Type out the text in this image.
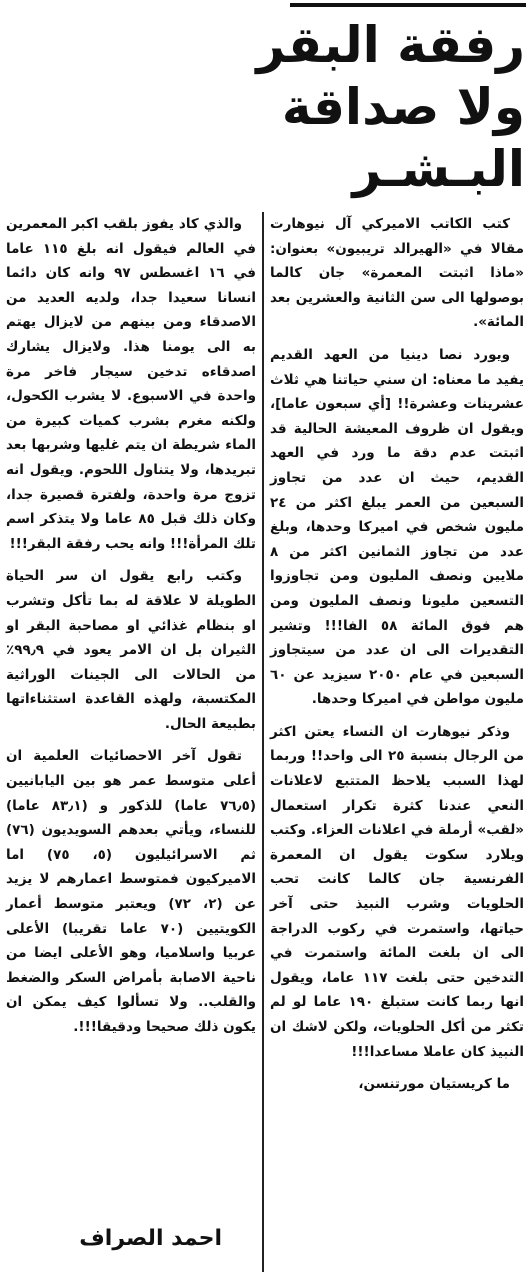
رفقة البقر
ولا صداقة
البـشـر

كتب الكاتب الاميركي آل نيوهارت مقالا في «الهيرالد تريبيون» بعنوان: «ماذا اثبتت المعمرة» جان كالما بوصولها الى سن الثانية والعشرين بعد المائة».

ويورد نصا دينيا من العهد القديم يفيد ما معناه: ان سني حياتنا هي ثلاث عشرينات وعشرة!! [أي سبعون عاما]، ويقول ان ظروف المعيشة الحالية قد اثبتت عدم دقة ما ورد في العهد القديم، حيث ان عدد من تجاوز السبعين من العمر يبلغ اكثر من ٢٤ مليون شخص في اميركا وحدها، وبلغ عدد من تجاوز الثمانين اكثر من ٨ ملايين ونصف المليون ومن تجاوزوا التسعين مليونا ونصف المليون ومن هم فوق المائة ٥٨ الفا!!! وتشير التقديرات الى ان عدد من سيتجاوز السبعين في عام ٢٠٥٠ سيزيد عن ٦٠ مليون مواطن في اميركا وحدها.

وذكر نيوهارت ان النساء يعتن اكثر من الرجال بنسبة ٢٥ الى واحد!! وربما لهذا السبب يلاحظ المتتبع لاعلانات النعي عندنا كثرة تكرار استعمال «لقب» أرملة في اعلانات العزاء. وكتب ويلارد سكوت يقول ان المعمرة الفرنسية جان كالما كانت تحب الحلويات وشرب النبيذ حتى آخر حياتها، واستمرت في ركوب الدراجة الى ان بلغت المائة واستمرت في التدخين حتى بلغت ١١٧ عاما، ويقول انها ربما كانت ستبلغ ١٩٠ عاما لو لم تكثر من أكل الحلويات، ولكن لاشك ان النبيذ كان عاملا مساعدا!!!

ما كريستيان مورتنسن،

والذي كاد يفوز بلقب اكبر المعمرين في العالم فيقول انه بلغ ١١٥ عاما في ١٦ اغسطس ٩٧ وانه كان دائما انسانا سعيدا جدا، ولديه العديد من الاصدقاء ومن بينهم من لايزال يهتم به الى يومنا هذا. ولايزال يشارك اصدقاءه تدخين سيجار فاخر مرة واحدة في الاسبوع. لا يشرب الكحول، ولكنه مغرم بشرب كميات كبيرة من الماء شريطة ان يتم غليها وشربها بعد تبريدها، ولا يتناول اللحوم. ويقول انه تزوج مرة واحدة، ولفترة قصيرة جدا، وكان ذلك قبل ٨٥ عاما ولا يتذكر اسم تلك المرأة!!! وانه يحب رفقة البقر!!!

وكتب رابع يقول ان سر الحياة الطويلة لا علاقة له بما تأكل وتشرب او بنظام غذائي او مصاحبة البقر او الثيران بل ان الامر يعود في ٩٩٫٩٪ من الحالات الى الجينات الوراثية المكتسبة، ولهذه القاعدة استثناءاتها بطبيعة الحال.

تقول آخر الاحصائيات العلمية ان أعلى متوسط عمر هو بين اليابانيين (٧٦٫٥ عاما) للذكور و (٨٣٫١ عاما) للنساء، ويأتي بعدهم السويديون (٧٦) ثم الاسرائيليون (٥، ٧٥) اما الاميركيون فمتوسط اعمارهم لا يزيد عن (٢، ٧٢) ويعتبر متوسط أعمار الكويتيين (٧٠ عاما تقريبا) الأعلى عربيا واسلاميا، وهو الأعلى ايضا من ناحية الاصابة بأمراض السكر والضغط والقلب.. ولا تسألوا كيف يمكن ان يكون ذلك صحيحا ودقيقا!!!.

احمد الصراف
